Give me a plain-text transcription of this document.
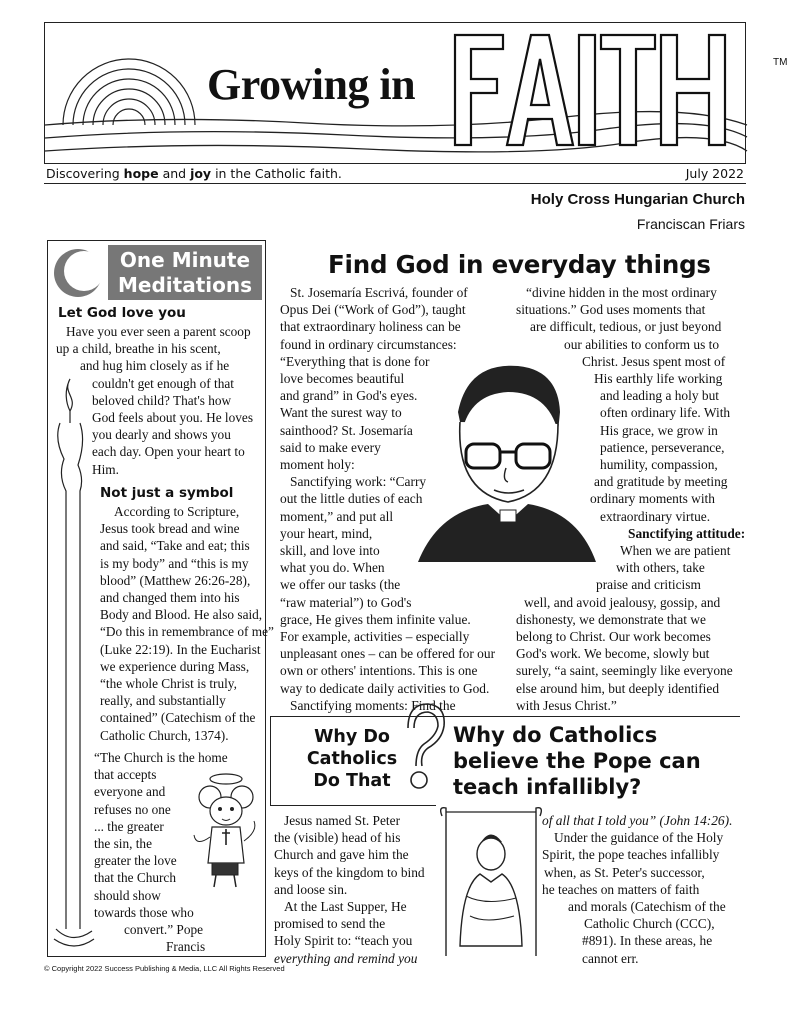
Growing in	TM
Discovering hope and joy in the Catholic faith.	July 2022
Holy Cross Hungarian Church
Franciscan Friars
One Minute
Meditations
Let God love you
Have you ever seen a parent scoop
up a child, breathe in his scent,
and hug him closely as if he
couldn't get enough of that
beloved child? That's how
God feels about you. He loves
you dearly and shows you
each day. Open your heart to
Him.
Not just a symbol
According to Scripture,
Jesus took bread and wine
and said, “Take and eat; this
is my body” and “this is my
blood” (Matthew 26:26-28),
and changed them into his
Body and Blood. He also said,
“Do this in remembrance of me”
(Luke 22:19). In the Eucharist
we experience during Mass,
“the whole Christ is truly,
really, and substantially
contained” (Catechism of the
Catholic Church, 1374).
“The Church is the home
that accepts
everyone and
refuses no one
... the greater
the sin, the
greater the love
that the Church
should show
towards those who
convert.” Pope
Francis
Find God in everyday things
St. Josemaría Escrivá, founder of
Opus Dei (“Work of God”), taught
that extraordinary holiness can be
found in ordinary circumstances:
“Everything that is done for
love becomes beautiful
and grand” in God's eyes.
Want the surest way to
sainthood? St. Josemaría
said to make every
moment holy:
Sanctifying work: “Carry
out the little duties of each
moment,” and put all
your heart, mind,
skill, and love into
what you do. When
we offer our tasks (the
“raw material”) to God's
grace, He gives them infinite value.
For example, activities – especially
unpleasant ones – can be offered for our
own or others' intentions. This is one
way to dedicate daily activities to God.
Sanctifying moments: Find the
“divine hidden in the most ordinary
situations.” God uses moments that
are difficult, tedious, or just beyond
our abilities to conform us to
Christ. Jesus spent most of
His earthly life working
and leading a holy but
often ordinary life. With
His grace, we grow in
patience, perseverance,
humility, compassion,
and gratitude by meeting
ordinary moments with
extraordinary virtue.
Sanctifying attitude:
When we are patient
with others, take
praise and criticism
well, and avoid jealousy, gossip, and
dishonesty, we demonstrate that we
belong to Christ. Our work becomes
God's work. We become, slowly but
surely, “a saint, seemingly like everyone
else around him, but deeply identified
with Jesus Christ.”
Why Do
Catholics
Do That
Why do Catholics
believe the Pope can
teach infallibly?
Jesus named St. Peter
the (visible) head of his
Church and gave him the
keys of the kingdom to bind
and loose sin.
At the Last Supper, He
promised to send the
Holy Spirit to: “teach you
everything and remind you
of all that I told you” (John 14:26).
Under the guidance of the Holy
Spirit, the pope teaches infallibly
when, as St. Peter's successor,
he teaches on matters of faith
and morals (Catechism of the
Catholic Church (CCC),
#891). In these areas, he
cannot err.
© Copyright 2022 Success Publishing & Media, LLC All Rights Reserved
